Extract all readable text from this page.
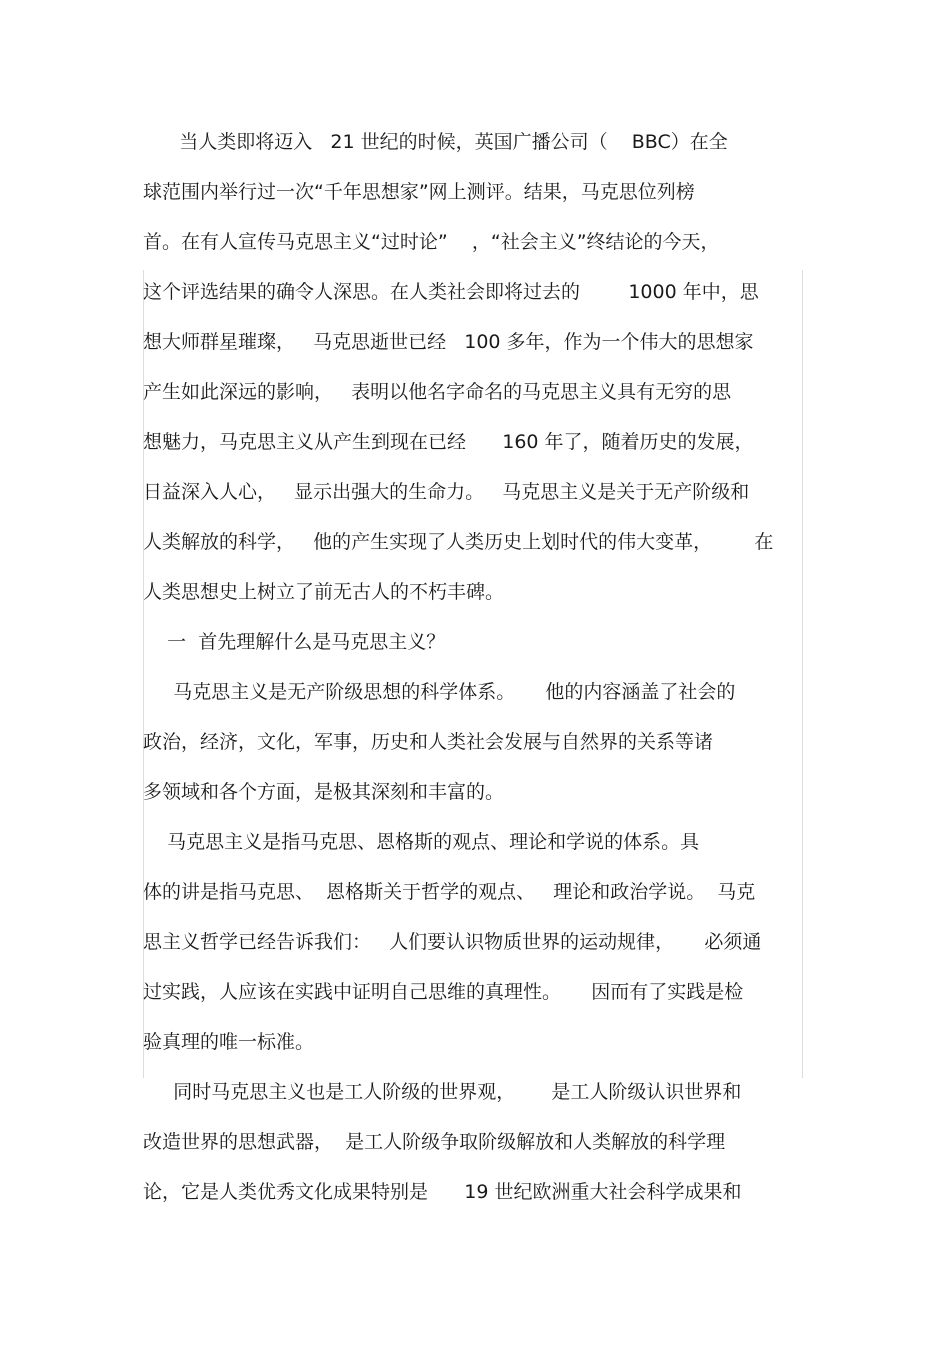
当人类即将迈入   21 世纪的时候，英国广播公司（    BBC）在全

球范围内举行过一次“千年思想家”网上测评。结果，马克思位列榜

首。在有人宣传马克思主义“过时论”    ，“社会主义”终结论的今天，

这个评选结果的确令人深思。在人类社会即将过去的        1000 年中，思

想大师群星璀璨，   马克思逝世已经   100 多年，作为一个伟大的思想家

产生如此深远的影响，   表明以他名字命名的马克思主义具有无穷的思

想魅力，马克思主义从产生到现在已经      160 年了，随着历史的发展，

日益深入人心，   显示出强大的生命力。   马克思主义是关于无产阶级和

人类解放的科学，   他的产生实现了人类历史上划时代的伟大变革，       在

人类思想史上树立了前无古人的不朽丰碑。

一  首先理解什么是马克思主义？

马克思主义是无产阶级思想的科学体系。     他的内容涵盖了社会的

政治，经济，文化，军事，历史和人类社会发展与自然界的关系等诸

多领域和各个方面，是极其深刻和丰富的。

马克思主义是指马克思、恩格斯的观点、理论和学说的体系。具

体的讲是指马克思、  恩格斯关于哲学的观点、   理论和政治学说。  马克

思主义哲学已经告诉我们：   人们要认识物质世界的运动规律，     必须通

过实践，人应该在实践中证明自己思维的真理性。     因而有了实践是检

验真理的唯一标准。

同时马克思主义也是工人阶级的世界观，      是工人阶级认识世界和

改造世界的思想武器，  是工人阶级争取阶级解放和人类解放的科学理

论，它是人类优秀文化成果特别是      19 世纪欧洲重大社会科学成果和
